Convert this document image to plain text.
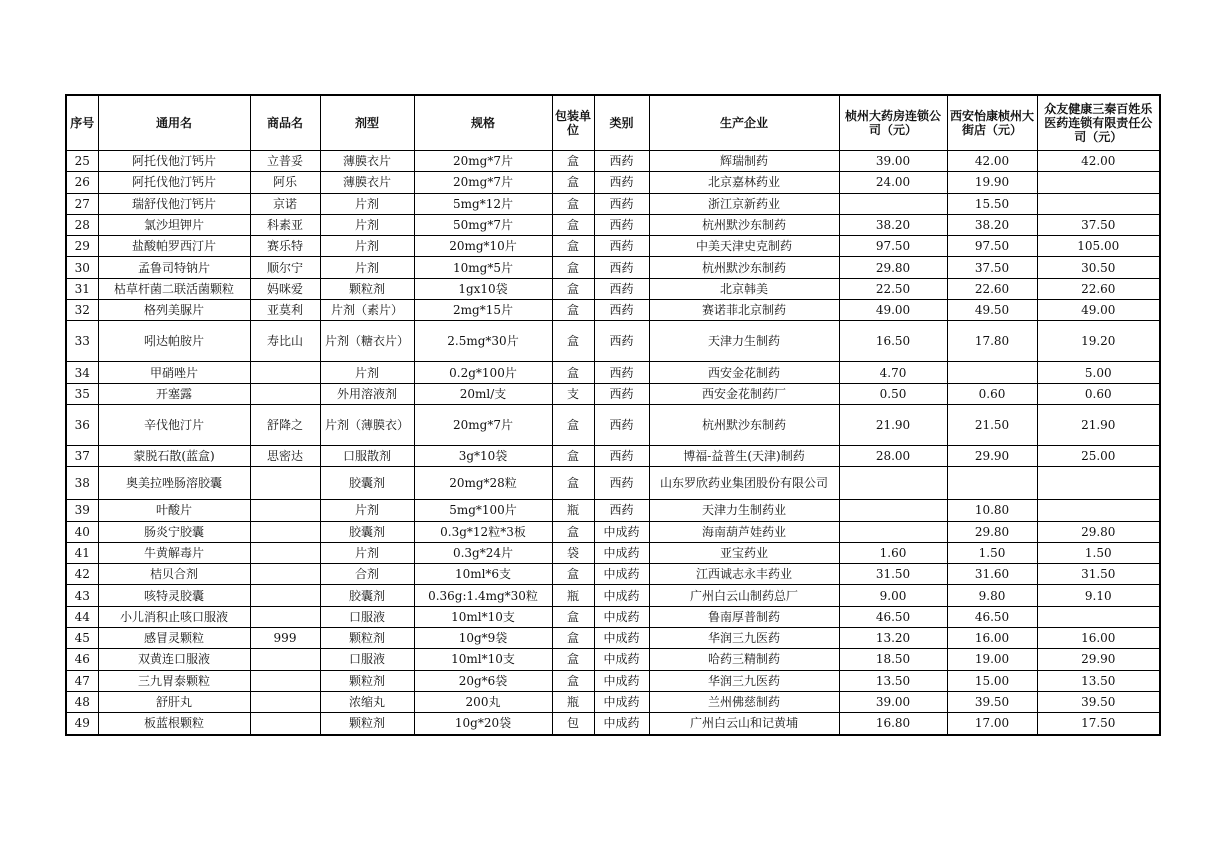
序号	通用名	商品名	剂型	规格	包装单位	类别	生产企业	桢州大药房连锁公司（元）	西安怡康桢州大街店（元）	众友健康三秦百姓乐医药连锁有限责任公司（元）
25	阿托伐他汀钙片	立普妥	薄膜衣片	20mg*7片	盒	西药	辉瑞制药	39.00	42.00	42.00
26	阿托伐他汀钙片	阿乐	薄膜衣片	20mg*7片	盒	西药	北京嘉林药业	24.00	19.90	
27	瑞舒伐他汀钙片	京诺	片剂	5mg*12片	盒	西药	浙江京新药业		15.50	
28	氯沙坦钾片	科素亚	片剂	50mg*7片	盒	西药	杭州默沙东制药	38.20	38.20	37.50
29	盐酸帕罗西汀片	赛乐特	片剂	20mg*10片	盒	西药	中美天津史克制药	97.50	97.50	105.00
30	孟鲁司特钠片	顺尔宁	片剂	10mg*5片	盒	西药	杭州默沙东制药	29.80	37.50	30.50
31	枯草杆菌二联活菌颗粒	妈咪爱	颗粒剂	1gx10袋	盒	西药	北京韩美	22.50	22.60	22.60
32	格列美脲片	亚莫利	片剂（素片）	2mg*15片	盒	西药	赛诺菲北京制药	49.00	49.50	49.00
33	吲达帕胺片	寿比山	片剂（糖衣片）	2.5mg*30片	盒	西药	天津力生制药	16.50	17.80	19.20
34	甲硝唑片		片剂	0.2g*100片	盒	西药	西安金花制药	4.70		5.00
35	开塞露		外用溶液剂	20ml/支	支	西药	西安金花制药厂	0.50	0.60	0.60
36	辛伐他汀片	舒降之	片剂（薄膜衣）	20mg*7片	盒	西药	杭州默沙东制药	21.90	21.50	21.90
37	蒙脱石散(蓝盒)	思密达	口服散剂	3g*10袋	盒	西药	博福-益普生(天津)制药	28.00	29.90	25.00
38	奥美拉唑肠溶胶囊		胶囊剂	20mg*28粒	盒	西药	山东罗欣药业集团股份有限公司			
39	叶酸片		片剂	5mg*100片	瓶	西药	天津力生制药业		10.80	
40	肠炎宁胶囊		胶囊剂	0.3g*12粒*3板	盒	中成药	海南葫芦娃药业		29.80	29.80
41	牛黄解毒片		片剂	0.3g*24片	袋	中成药	亚宝药业	1.60	1.50	1.50
42	桔贝合剂		合剂	10ml*6支	盒	中成药	江西诚志永丰药业	31.50	31.60	31.50
43	咳特灵胶囊		胶囊剂	0.36g:1.4mg*30粒	瓶	中成药	广州白云山制药总厂	9.00	9.80	9.10
44	小儿消积止咳口服液		口服液	10ml*10支	盒	中成药	鲁南厚普制药	46.50	46.50	
45	感冒灵颗粒	999	颗粒剂	10g*9袋	盒	中成药	华润三九医药	13.20	16.00	16.00
46	双黄连口服液		口服液	10ml*10支	盒	中成药	哈药三精制药	18.50	19.00	29.90
47	三九胃泰颗粒		颗粒剂	20g*6袋	盒	中成药	华润三九医药	13.50	15.00	13.50
48	舒肝丸		浓缩丸	200丸	瓶	中成药	兰州佛慈制药	39.00	39.50	39.50
49	板蓝根颗粒		颗粒剂	10g*20袋	包	中成药	广州白云山和记黄埔	16.80	17.00	17.50
